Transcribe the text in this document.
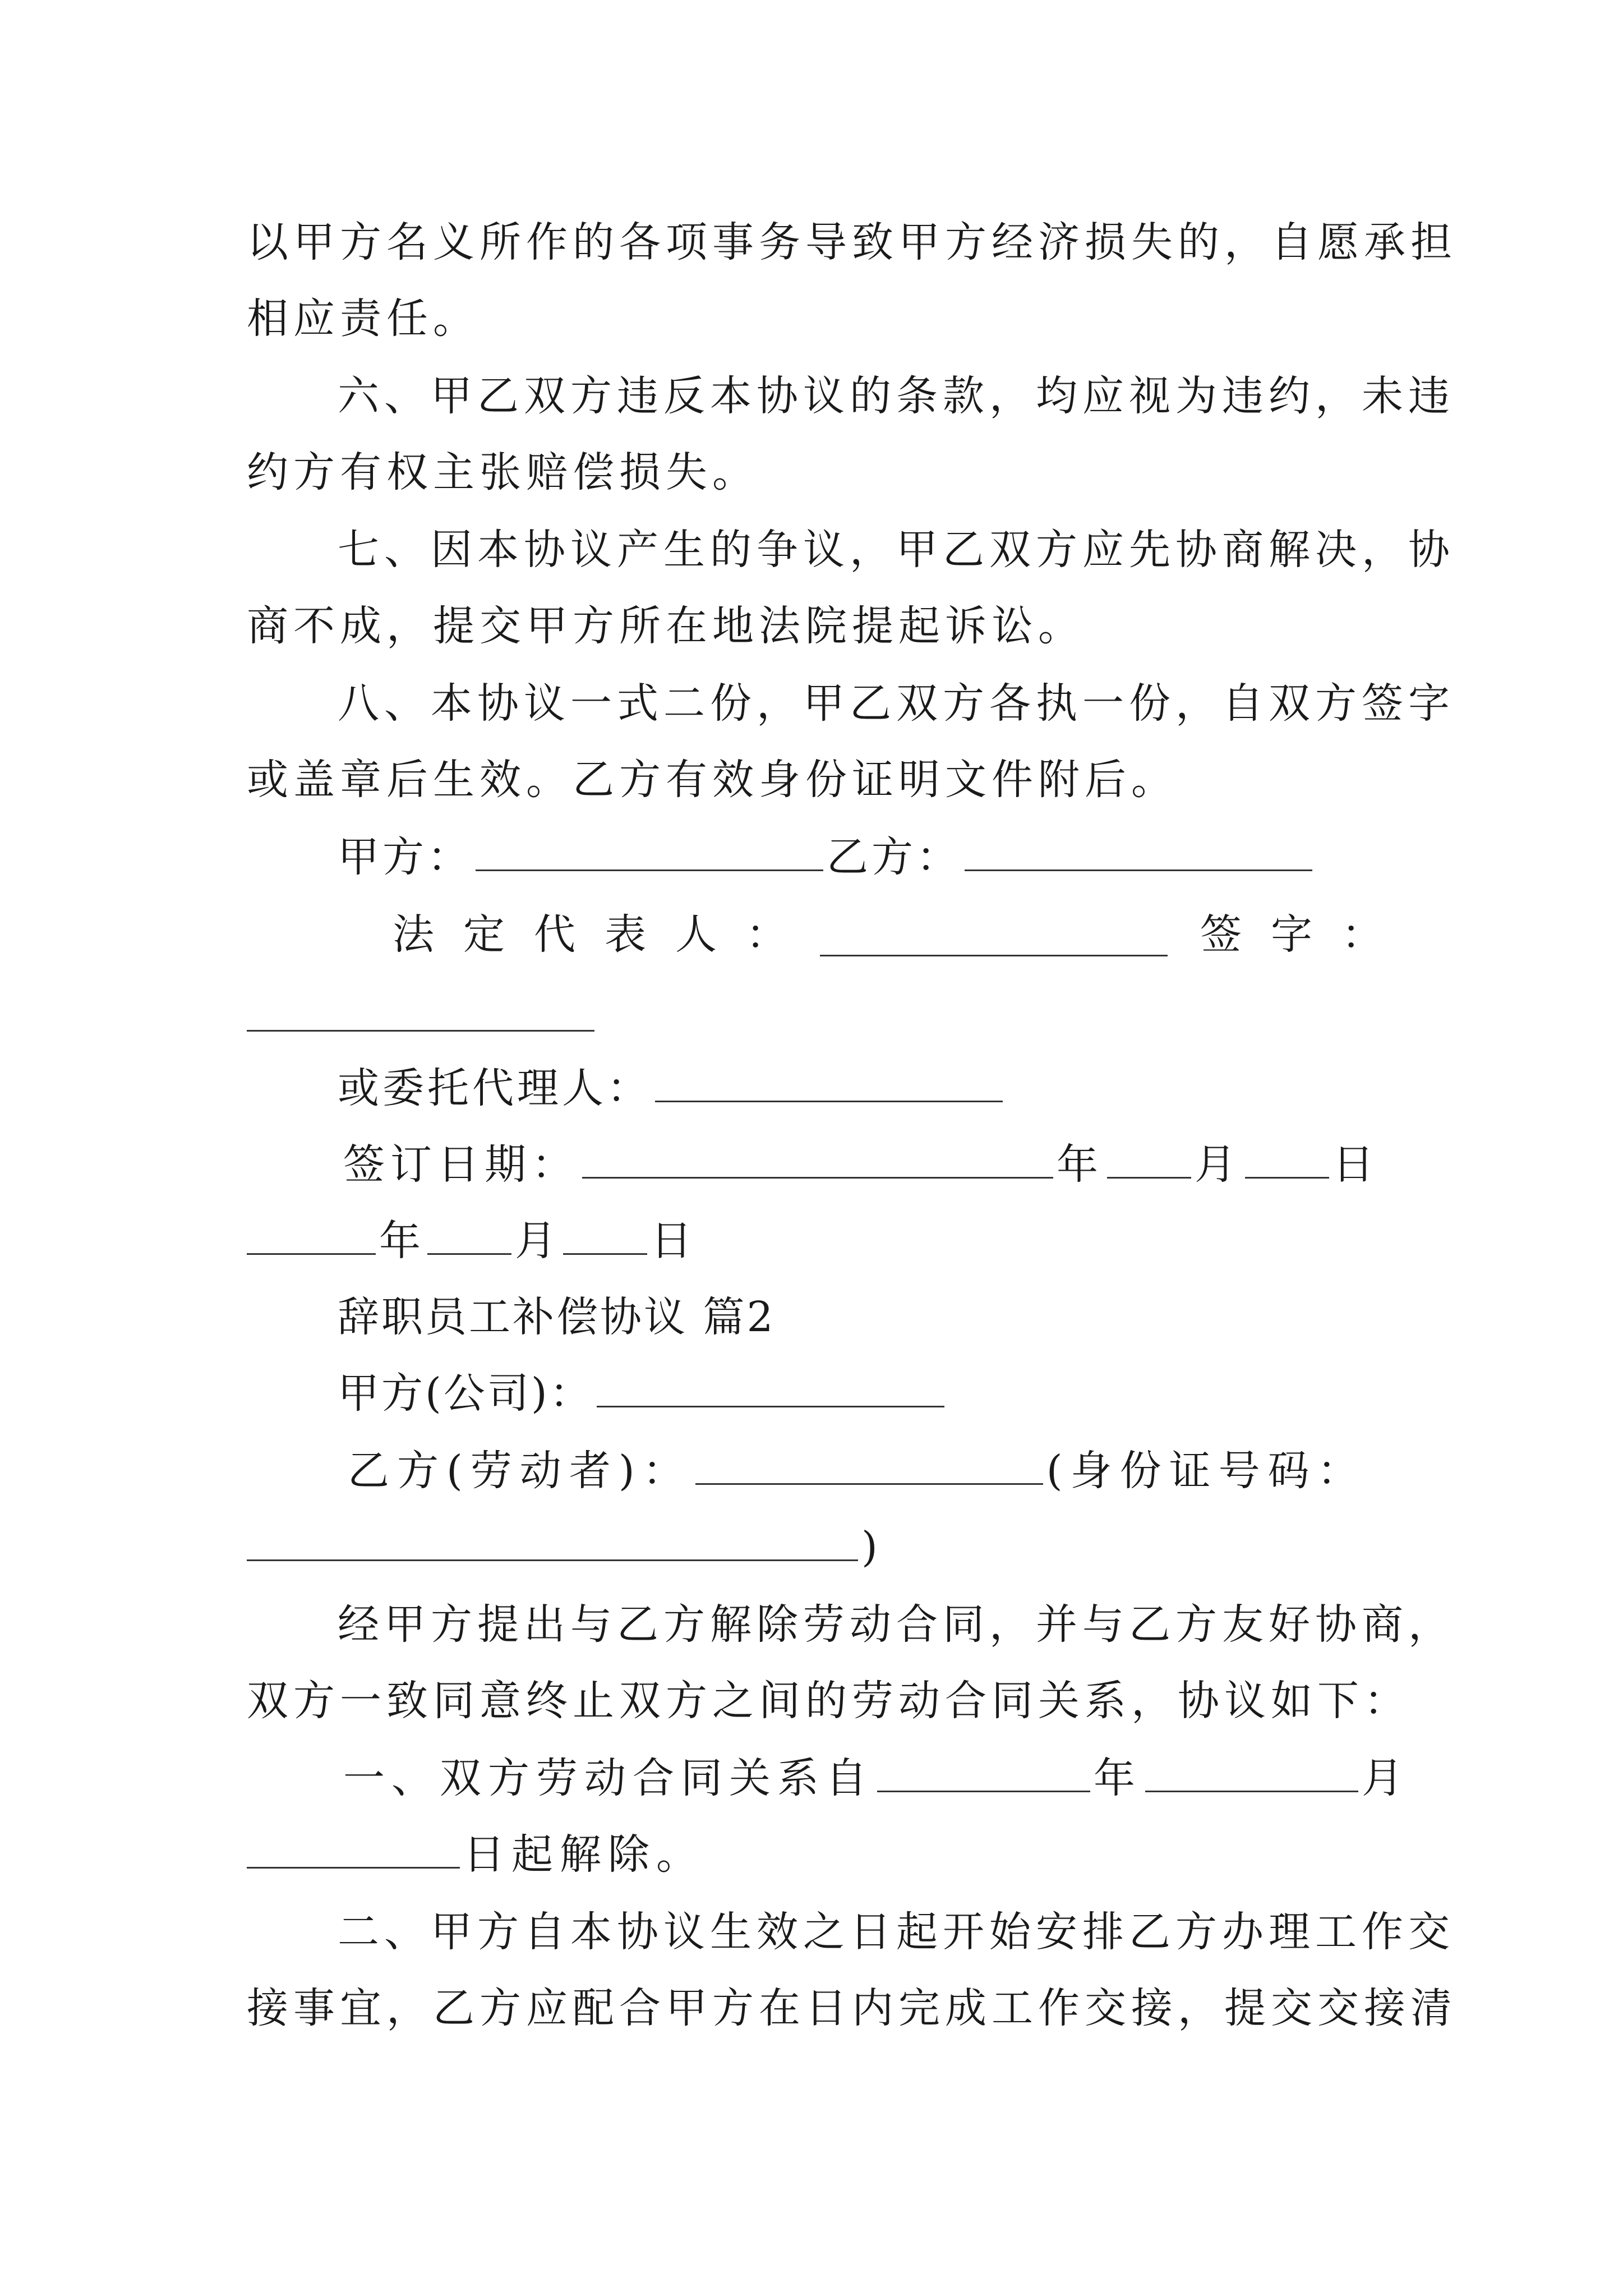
以甲方名义所作的各项事务导致甲方经济损失的，自愿承担
相应责任。
六、甲乙双方违反本协议的条款，均应视为违约，未违
约方有权主张赔偿损失。
七、因本协议产生的争议，甲乙双方应先协商解决，协
商不成，提交甲方所在地法院提起诉讼。
八、本协议一式二份，甲乙双方各执一份，自双方签字
或盖章后生效。乙方有效身份证明文件附后。
甲方：	乙方：
法定代表人：	签字：
或委托代理人：
签订日期：	年 月 日
年 月 日
辞职员工补偿协议 篇2
甲方(公司)：
乙方(劳动者)：	(身份证号码：
)
经甲方提出与乙方解除劳动合同，并与乙方友好协商，
双方一致同意终止双方之间的劳动合同关系，协议如下：
一、双方劳动合同关系自	年	月
日起解除。
二、甲方自本协议生效之日起开始安排乙方办理工作交
接事宜，乙方应配合甲方在日内完成工作交接，提交交接清
